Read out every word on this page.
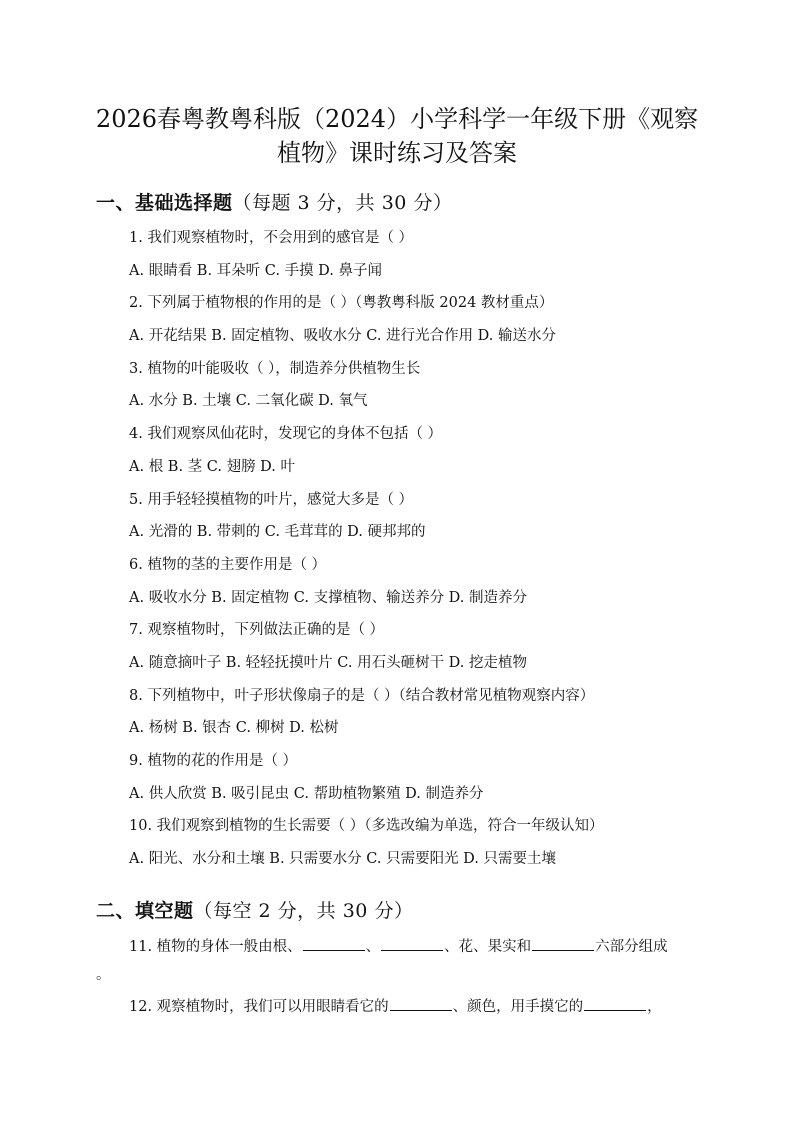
2026春粤教粤科版（2024）小学科学一年级下册《观察
植物》课时练习及答案
一、基础选择题（每题 3 分，共 30 分）
1. 我们观察植物时，不会用到的感官是（ ）
A. 眼睛看 B. 耳朵听 C. 手摸 D. 鼻子闻
2. 下列属于植物根的作用的是（ ）（粤教粤科版 2024 教材重点）
A. 开花结果 B. 固定植物、吸收水分 C. 进行光合作用 D. 输送水分
3. 植物的叶能吸收（ ），制造养分供植物生长
A. 水分 B. 土壤 C. 二氧化碳 D. 氧气
4. 我们观察凤仙花时，发现它的身体不包括（ ）
A. 根 B. 茎 C. 翅膀 D. 叶
5. 用手轻轻摸植物的叶片，感觉大多是（ ）
A. 光滑的 B. 带刺的 C. 毛茸茸的 D. 硬邦邦的
6. 植物的茎的主要作用是（ ）
A. 吸收水分 B. 固定植物 C. 支撑植物、输送养分 D. 制造养分
7. 观察植物时，下列做法正确的是（ ）
A. 随意摘叶子 B. 轻轻抚摸叶片 C. 用石头砸树干 D. 挖走植物
8. 下列植物中，叶子形状像扇子的是（ ）（结合教材常见植物观察内容）
A. 杨树 B. 银杏 C. 柳树 D. 松树
9. 植物的花的作用是（ ）
A. 供人欣赏 B. 吸引昆虫 C. 帮助植物繁殖 D. 制造养分
10. 我们观察到植物的生长需要（ ）（多选改编为单选，符合一年级认知）
A. 阳光、水分和土壤 B. 只需要水分 C. 只需要阳光 D. 只需要土壤
二、填空题（每空 2 分，共 30 分）
11. 植物的身体一般由根、	、	、花、果实和	六部分组成
。
12. 观察植物时，我们可以用眼睛看它的	、颜色，用手摸它的	，
